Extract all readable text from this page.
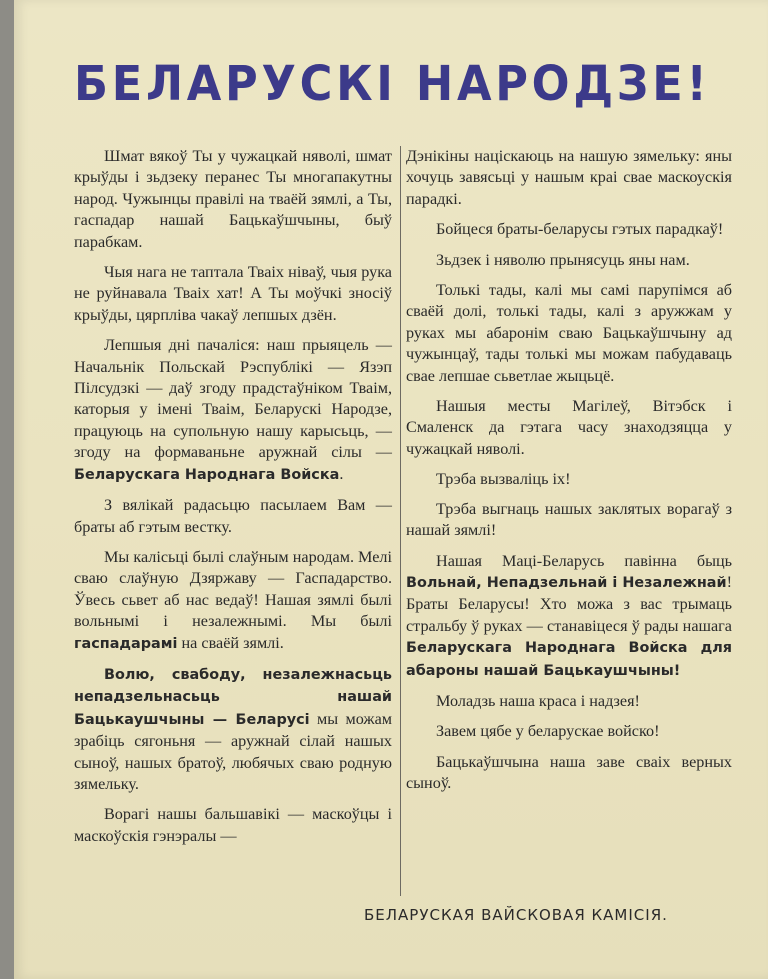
БЕЛАРУСКІ НАРОДЗЕ!

Шмат вякоў Ты у чужацкай няволі, шмат крыўды і зьдзеку перанес Ты многапакутны народ. Чужынцы правілі на тваёй зямлі, а Ты, гаспадар нашай Бацькаўшчыны, быў парабкам.

Чыя нага не таптала Тваіх ніваў, чыя рука не руйнавала Тваіх хат! А Ты моўчкі зносіў крыўды, цярпліва чакаў лепшых дзён.

Лепшыя дні пачаліся: наш прыяцель — Начальнік Польскай Рэспублікі — Язэп Пілсудзкі — даў згоду прадстаўніком Тваім, каторыя у імені Тваім, Беларускі Народзе, працуюць на супольную нашу карысьць, — згоду на формаваньне аружнай сілы — Беларускага Народнага Войска.

З вялікай радасьцю пасылаем Вам — браты аб гэтым вестку.

Мы калісьці былі слаўным народам. Мелі сваю слаўную Дзяржаву — Гаспадарство. Ўвесь сьвет аб нас ведаў! Нашая зямлі былі вольнымі і незалежнымі. Мы былі гаспадарамі на сваёй зямлі.

Волю, свабоду, незалежнасьць непадзельнасьць нашай Бацькаушчыны — Беларусі мы можам зрабіць сягоньня — аружнай сілай нашых сыноў, нашых братоў, любячых сваю родную зямельку.

Ворагі нашы бальшавікі — маскоўцы і маскоўскія гэнэралы —

Дэнікіны націскаюць на нашую зямельку: яны хочуць завясьці у нашым краі свае маскоускія парадкі.

Бойцеся браты-беларусы гэтых парадкаў!

Зьдзек і няволю прынясуць яны нам.

Толькі тады, калі мы самі парупімся аб сваёй долі, толькі тады, калі з аружжам у руках мы абаронім сваю Бацькаўшчыну ад чужынцаў, тады толькі мы можам пабудаваць свае лепшае сьветлае жыцьцё.

Нашыя месты Магілеў, Вітэбск і Смаленск да гэтага часу знаходзяцца у чужацкай няволі.

Трэба вызваліць іх!

Трэба выгнаць нашых заклятых ворагаў з нашай зямлі!

Нашая Маці-Беларусь павінна быць Вольнай, Непадзельнай і Незалежнай! Браты Беларусы! Хто можа з вас трымаць стральбу ў руках — станавіцеся ў рады нашага Беларускага Народнага Войска для абароны нашай Бацькаушчыны!

Моладзь наша краса і надзея!

Завем цябе у беларускае войско!

Бацькаўшчына наша заве сваіх верных сыноў.

БЕЛАРУСКАЯ ВАЙСКОВАЯ КАМІСІЯ.
